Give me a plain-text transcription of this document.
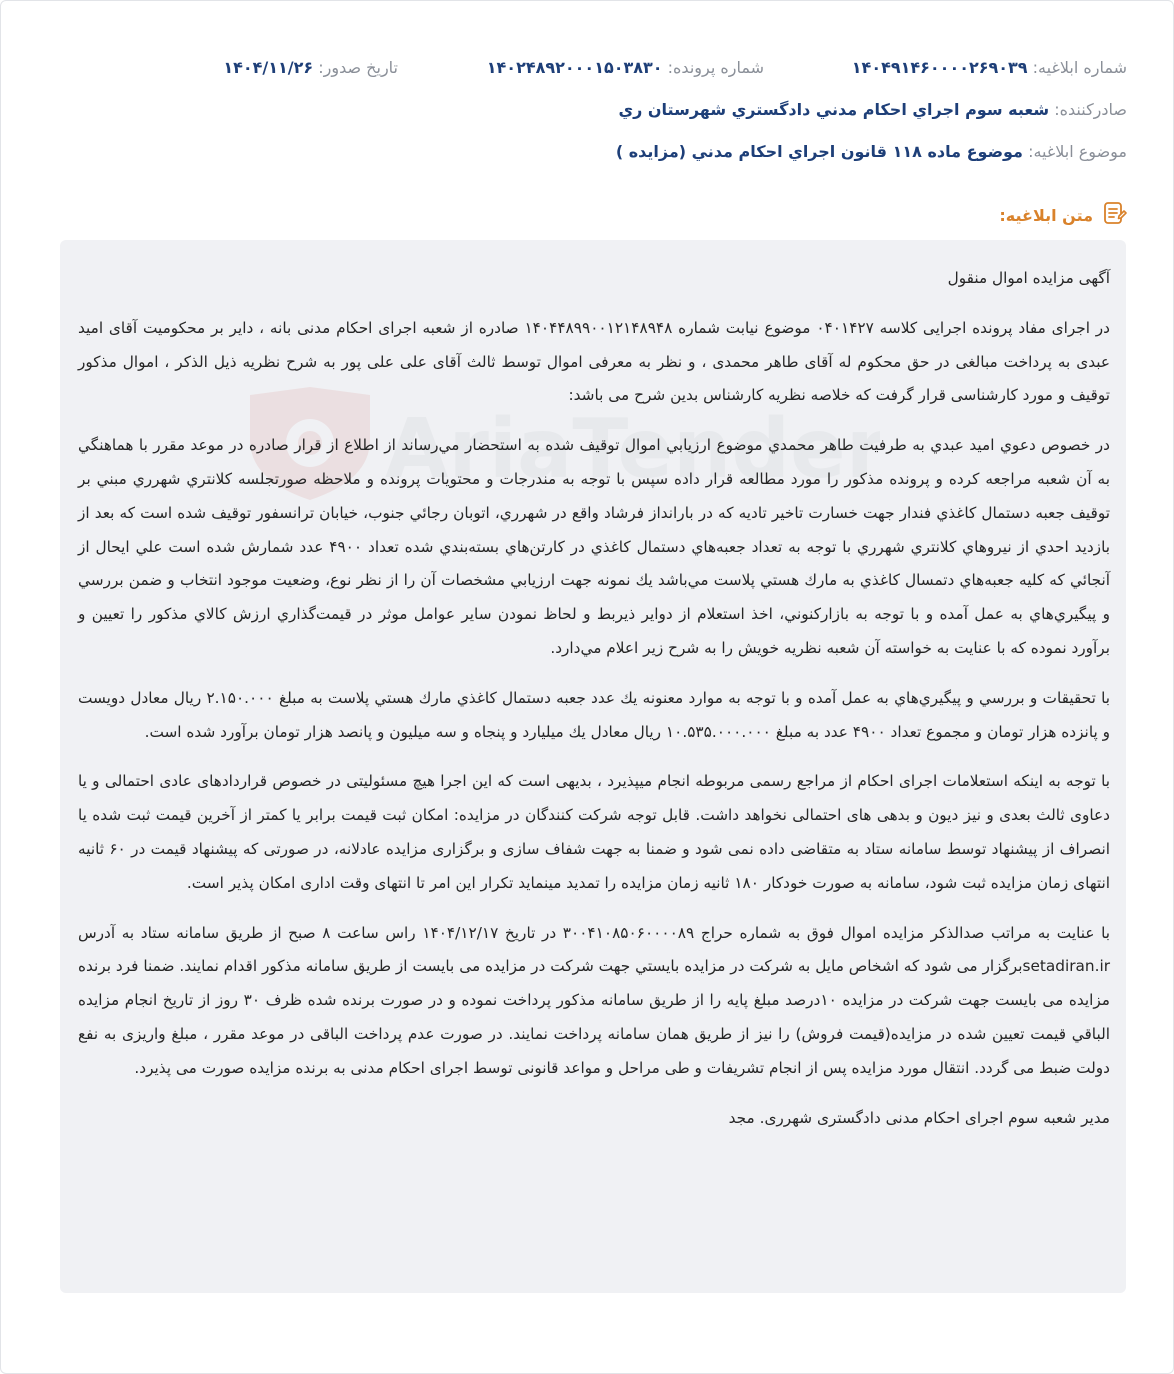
شماره ابلاغیه: ۱۴۰۴۹۱۴۶۰۰۰۰۲۶۹۰۳۹
شماره پرونده: ۱۴۰۲۴۸۹۲۰۰۰۱۵۰۳۸۳۰
تاریخ صدور: ۱۴۰۴/۱۱/۲۶
صادرکننده: شعبه سوم اجراي احکام مدني دادگستري شهرستان ري
موضوع ابلاغیه: موضوع ماده ۱۱۸ قانون اجراي احکام مدني (مزايده )
متن ابلاغیه:
AriaTender

آگهی مزایده اموال منقول

در اجرای مفاد پرونده اجرایی کلاسه ۰۴۰۱۴۲۷ موضوع نیابت شماره ۱۴۰۴۴۸۹۹۰۰۱۲۱۴۸۹۴۸ صادره از شعبه اجرای احکام مدنی بانه ، دایر بر محکومیت آقای امید عبدی به پرداخت مبالغی در حق محکوم له آقای طاهر محمدی ، و نظر به معرفی اموال توسط ثالث آقای علی علی پور به شرح نظریه ذیل الذکر ، اموال مذکور توقیف و مورد کارشناسی قرار گرفت که خلاصه نظریه کارشناس بدین شرح می باشد:

در خصوص دعوي اميد عبدي به طرفيت طاهر محمدي موضوع ارزيابي اموال توقيف شده به استحضار مي‌رساند از اطلاع از قرار صادره در موعد مقرر با هماهنگي به آن شعبه مراجعه کرده و پرونده مذکور را مورد مطالعه قرار داده سپس با توجه به مندرجات و محتويات پرونده و ملاحظه صورتجلسه کلانتري شهرري مبني بر توقيف جعبه دستمال کاغذي فندار جهت خسارت تاخير تاديه که در بارانداز فرشاد واقع در شهرري، اتوبان رجائي جنوب، خيابان ترانسفور توقيف شده است که بعد از بازديد احدي از نيروهاي کلانتري شهرري با توجه به تعداد جعبه‌هاي دستمال کاغذي در کارتن‌هاي بسته‌بندي شده تعداد ۴۹۰۰ عدد شمارش شده است علي ايحال از آنجائي که کليه جعبه‌هاي دتمسال کاغذي به مارك هستي پلاست مي‌باشد يك نمونه جهت ارزيابي مشخصات آن را از نظر نوع، وضعيت موجود انتخاب و ضمن بررسي و پيگيري‌هاي به عمل آمده و با توجه به بازارکنوني، اخذ استعلام از دواير ذيربط و لحاظ نمودن ساير عوامل موثر در قيمت‌گذاري ارزش کالاي مذکور را تعيين و برآورد نموده که با عنايت به خواسته آن شعبه نظريه خويش را به شرح زير اعلام مي‌دارد.

با تحقيقات و بررسي و پيگيري‌هاي به عمل آمده و با توجه به موارد معنونه يك عدد جعبه دستمال کاغذي مارك هستي پلاست به مبلغ ۲.۱۵۰.۰۰۰ ريال معادل دويست و پانزده هزار تومان و مجموع تعداد ۴۹۰۰ عدد به مبلغ ۱۰.۵۳۵.۰۰۰.۰۰۰ ريال معادل يك ميليارد و پنجاه و سه ميليون و پانصد هزار تومان برآورد شده است.

با توجه به اینکه استعلامات اجرای احکام از مراجع رسمی مربوطه انجام میپذیرد ، بدیهی است که این اجرا هیچ مسئولیتی در خصوص قراردادهای عادی احتمالی و یا دعاوی ثالث بعدی و نیز دیون و بدهی های احتمالی نخواهد داشت. قابل توجه شرکت کنندگان در مزایده: امکان ثبت قیمت برابر یا کمتر از آخرین قیمت ثبت شده یا انصراف از پیشنهاد توسط سامانه ستاد به متقاضی داده نمی شود و ضمنا به جهت شفاف سازی و برگزاری مزایده عادلانه، در صورتی که پیشنهاد قیمت در ۶۰ ثانیه انتهای زمان مزایده ثبت شود، سامانه به صورت خودکار ۱۸۰ ثانیه زمان مزایده را تمدید مینماید تکرار این امر تا انتهای وقت اداری امکان پذیر است.

با عنایت به مراتب صدالذکر مزایده اموال فوق به شماره حراج ۳۰۰۴۱۰۸۵۰۶۰۰۰۰۸۹ در تاریخ ۱۴۰۴/۱۲/۱۷ راس ساعت ۸ صبح از طریق سامانه ستاد به آدرس setadiran.irبرگزار می شود که اشخاص مایل به شرکت در مزایده بایستي جهت شرکت در مزایده می بایست از طریق سامانه مذکور اقدام نمایند. ضمنا فرد برنده مزایده می بایست جهت شرکت در مزایده ۱۰درصد مبلغ پایه را از طریق سامانه مذکور پرداخت نموده و در صورت برنده شده ظرف ۳۰ روز از تاریخ انجام مزایده الباقي قیمت تعیین شده در مزایده(قیمت فروش) را نیز از طریق همان سامانه پرداخت نمایند. در صورت عدم پرداخت الباقی در موعد مقرر ، مبلغ واریزی به نفع دولت ضبط می گردد. انتقال مورد مزایده پس از انجام تشریفات و طی مراحل و مواعد قانونی توسط اجرای احکام مدنی به برنده مزایده صورت می پذیرد.

مدیر شعبه سوم اجرای احکام مدنی دادگستری شهرری. مجد
